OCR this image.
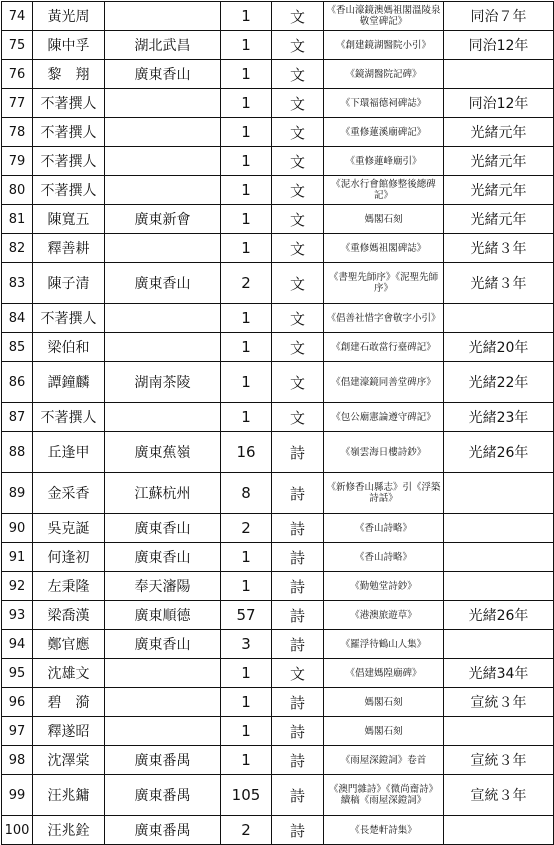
74	黃光周		1	文	《香山濠鏡澳媽祖閣溫陵泉敬堂碑記》	同治７年
75	陳中孚	湖北武昌	1	文	《創建鏡湖醫院小引》	同治12年
76	黎　翔	廣東香山	1	文	《鏡湖醫院記碑》	
77	不著撰人		1	文	《下環福德祠碑誌》	同治12年
78	不著撰人		1	文	《重修蓮溪廟碑記》	光緒元年
79	不著撰人		1	文	《重修蓮峰廟引》	光緒元年
80	不著撰人		1	文	《泥水行會館修整後總碑記》	光緒元年
81	陳寬五	廣東新會	1	文	媽閣石刻	光緒元年
82	釋善耕		1	文	《重修媽祖閣碑誌》	光緒３年
83	陳子清	廣東香山	2	文	《書聖先師序》《泥聖先師序》	光緒３年
84	不著撰人		1	文	《倡善社惜字會敬字小引》	
85	梁伯和		1	文	《創建石敢當行臺碑記》	光緒20年
86	譚鐘麟	湖南茶陵	1	文	《倡建濠鏡同善堂碑序》	光緒22年
87	不著撰人		1	文	《包公廟憲論遵守碑記》	光緒23年
88	丘逢甲	廣東蕉嶺	16	詩	《嶺雲海日樓詩鈔》	光緒26年
89	金采香	江蘇杭州	8	詩	《新修香山縣志》引《浮築詩話》	
90	吳克誕	廣東香山	2	詩	《香山詩略》	
91	何逢初	廣東香山	1	詩	《香山詩略》	
92	左秉隆	奉天瀋陽	1	詩	《勤勉堂詩鈔》	
93	梁喬漢	廣東順德	57	詩	《港澳旅遊草》	光緒26年
94	鄭官應	廣東香山	3	詩	《羅浮待鶴山人集》	
95	沈雄文		1	文	《倡建媽隍廟碑》	光緒34年
96	碧　漪		1	詩	媽閣石刻	宣統３年
97	釋遂昭		1	詩	媽閣石刻	
98	沈澤棠	廣東番禺	1	詩	《雨屋深鐙詞》卷首	宣統３年
99	汪兆鏞	廣東番禺	105	詩	《澳門雜詩》《微尚齋詩》續稿《雨屋深鐙詞》	宣統３年
100	汪兆銓	廣東番禺	2	詩	《長楚軒詩集》	
